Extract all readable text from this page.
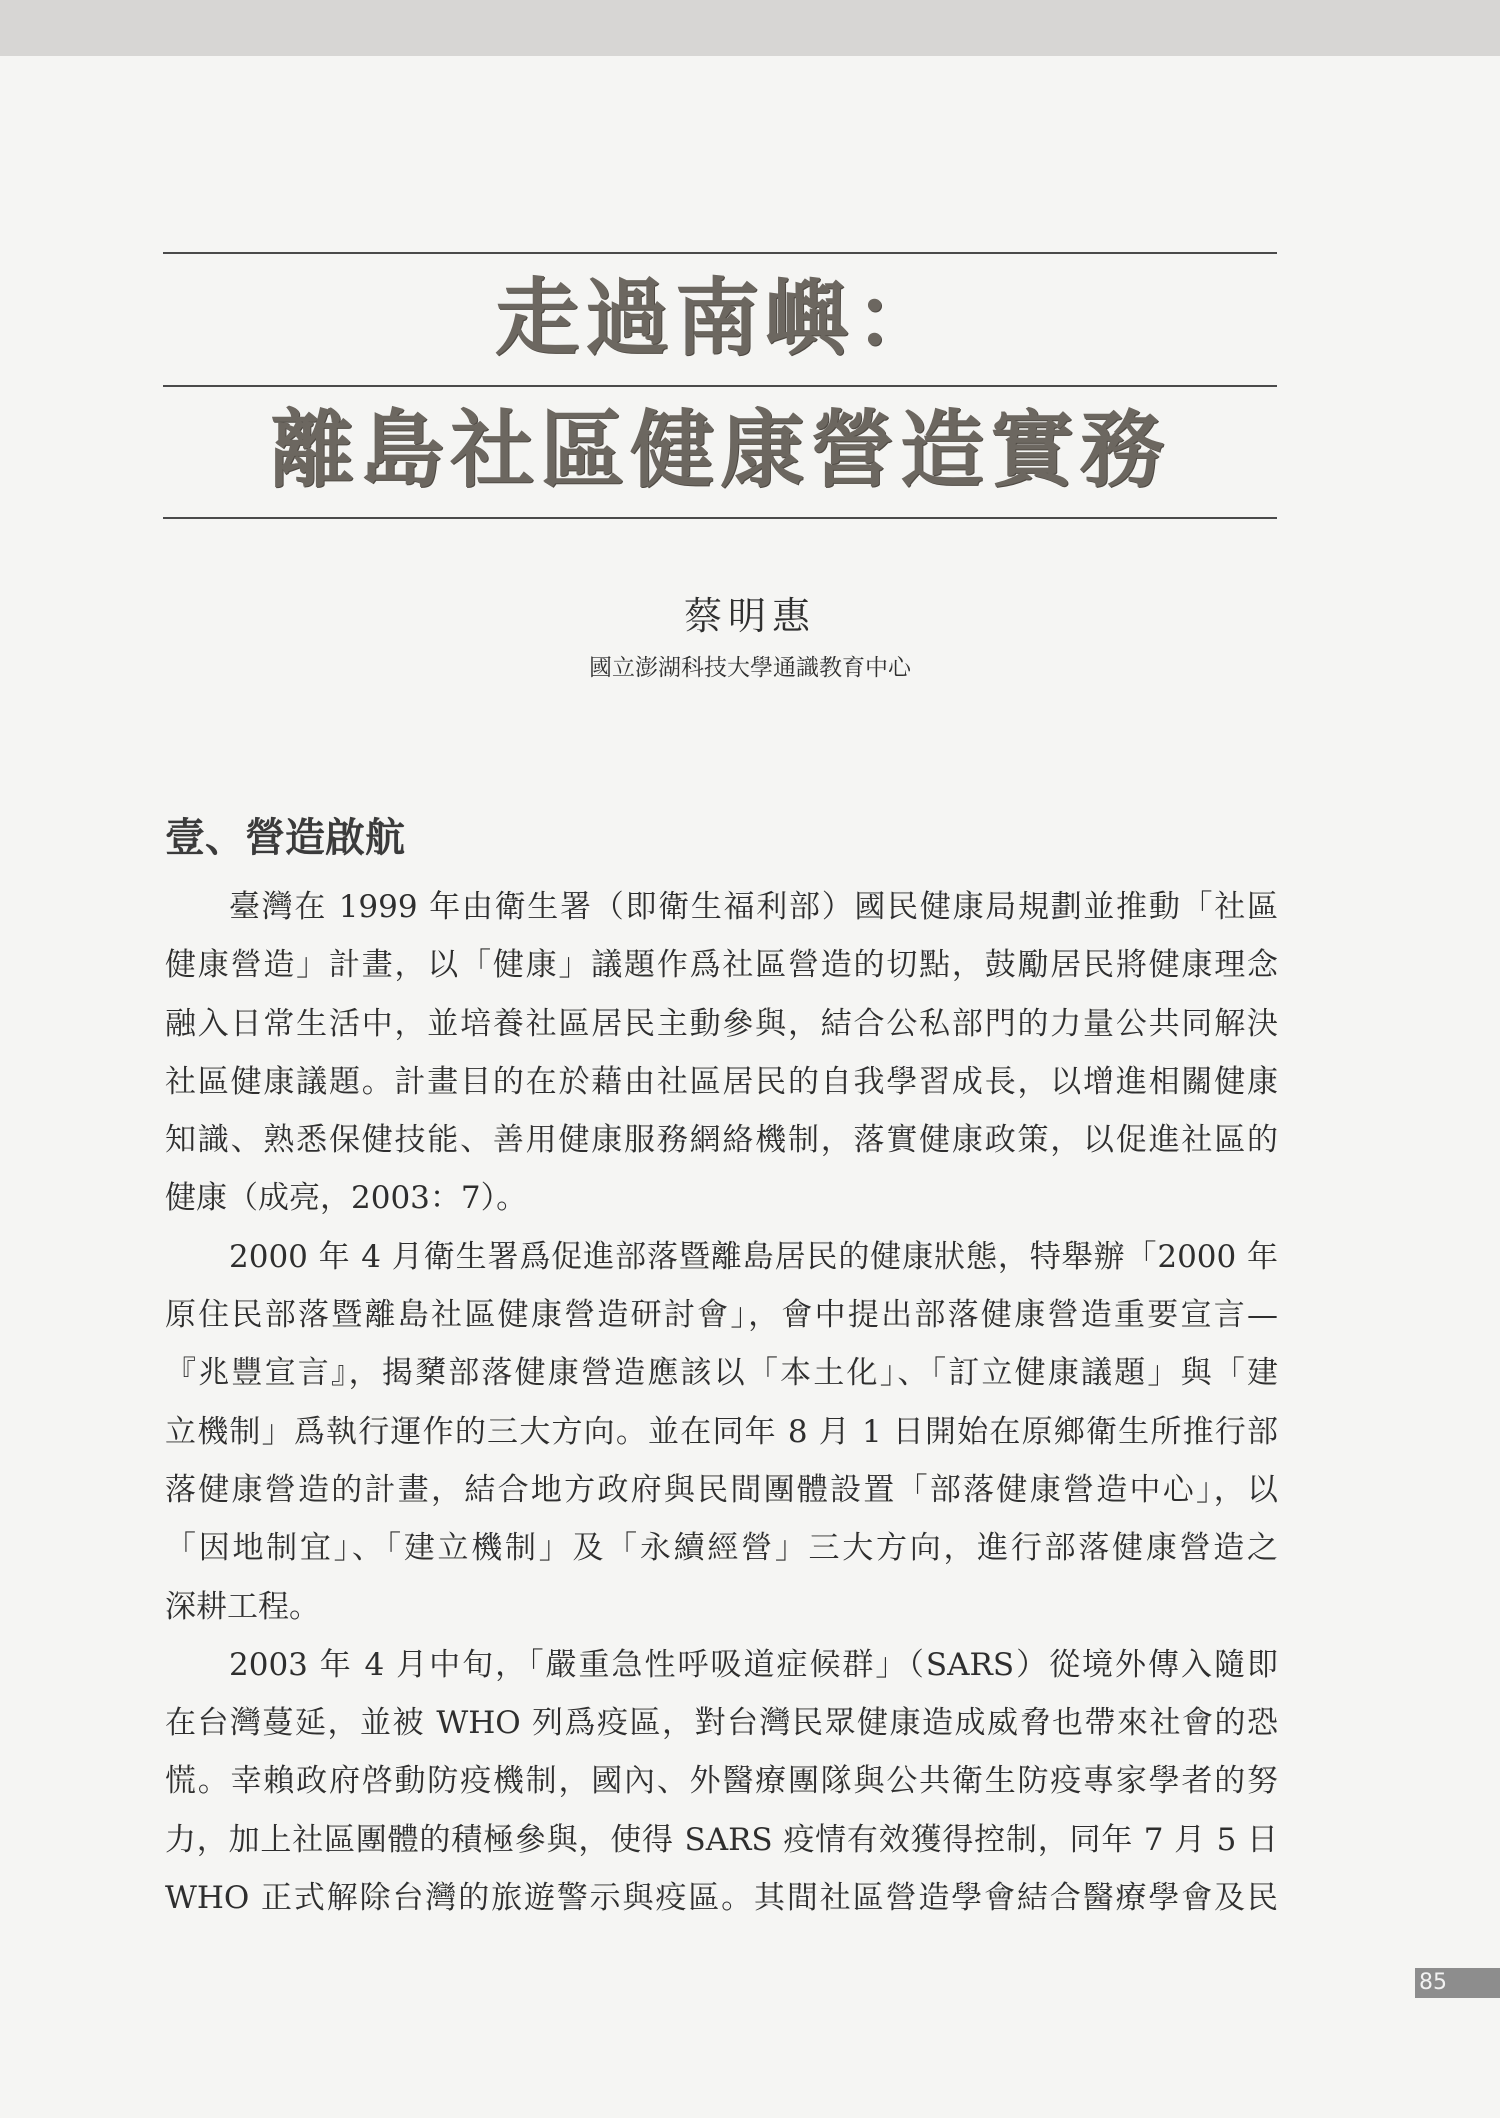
走過南嶼：
離島社區健康營造實務
蔡明惠
國立澎湖科技大學通識教育中心
壹、營造啟航

臺灣在 1999 年由衛生署（即衛生福利部）國民健康局規劃並推動「社區
健康營造」計畫，以「健康」議題作爲社區營造的切點，鼓勵居民將健康理念
融入日常生活中，並培養社區居民主動參與，結合公私部門的力量公共同解決
社區健康議題。計畫目的在於藉由社區居民的自我學習成長，以增進相關健康
知識、熟悉保健技能、善用健康服務網絡機制，落實健康政策，以促進社區的
健康（成亮，2003：7）。

2000 年 4 月衛生署爲促進部落暨離島居民的健康狀態，特舉辦「2000 年
原住民部落暨離島社區健康營造研討會」，會中提出部落健康營造重要宣言—
『兆豐宣言』，揭櫫部落健康營造應該以「本土化」、「訂立健康議題」與「建
立機制」爲執行運作的三大方向。並在同年 8 月 1 日開始在原鄉衛生所推行部
落健康營造的計畫，結合地方政府與民間團體設置「部落健康營造中心」，以
「因地制宜」、「建立機制」及「永續經營」三大方向，進行部落健康營造之
深耕工程。

2003 年 4 月中旬，「嚴重急性呼吸道症候群」（SARS）從境外傳入隨即
在台灣蔓延，並被 WHO 列爲疫區，對台灣民眾健康造成威脅也帶來社會的恐
慌。幸賴政府啓動防疫機制，國內、外醫療團隊與公共衛生防疫專家學者的努
力，加上社區團體的積極參與，使得 SARS 疫情有效獲得控制，同年 7 月 5 日
WHO 正式解除台灣的旅遊警示與疫區。其間社區營造學會結合醫療學會及民

85
